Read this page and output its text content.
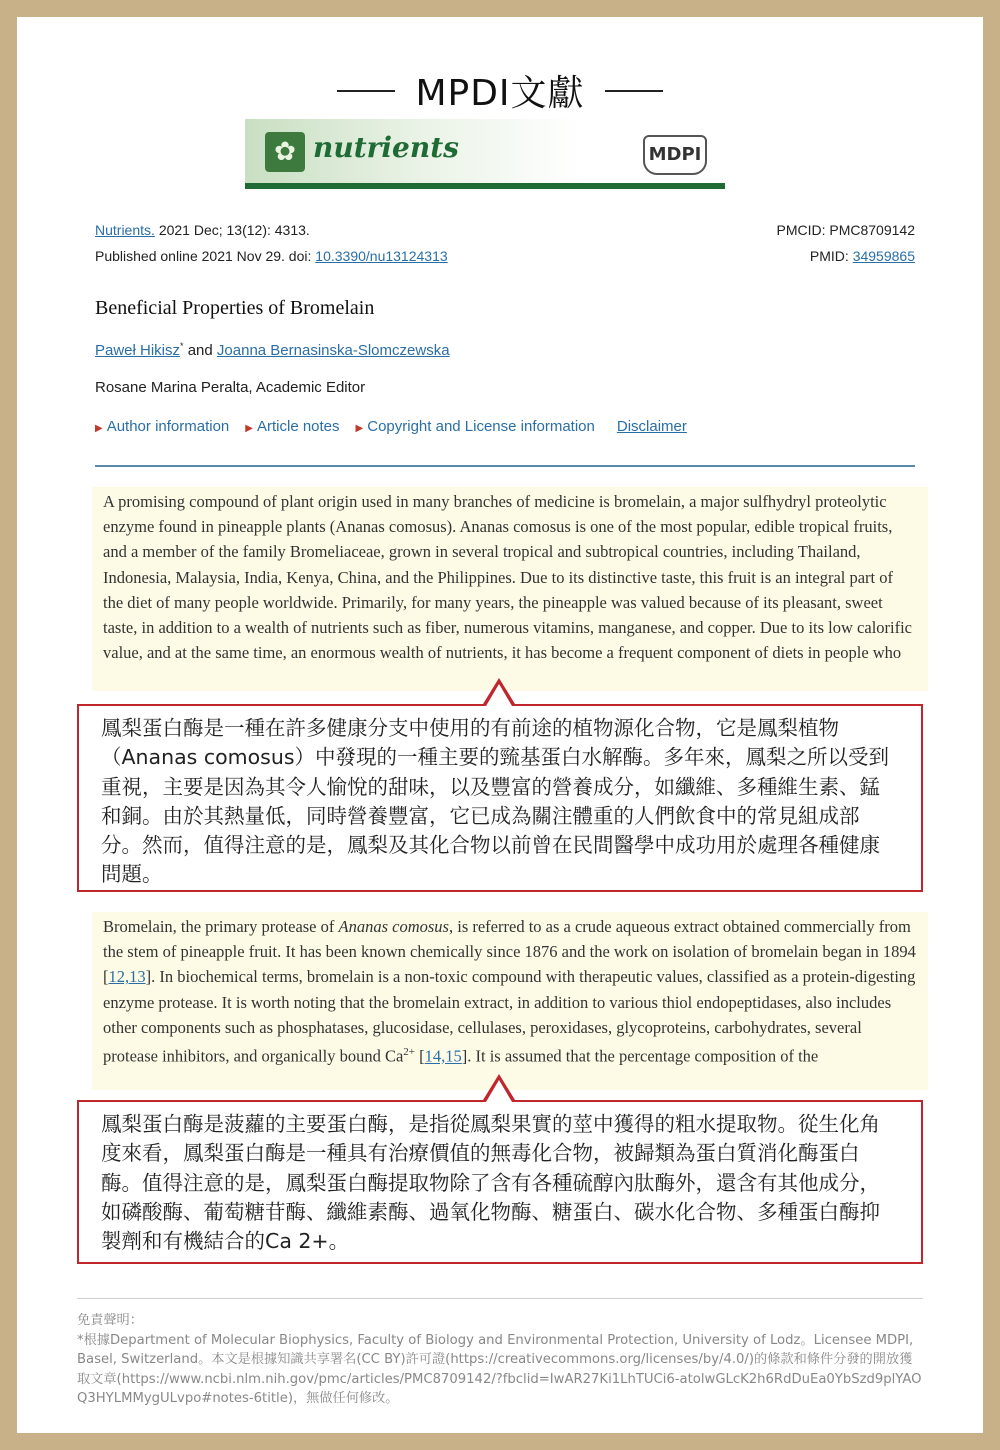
MPDI文獻
✿ nutrients	MDPI
Nutrients. 2021 Dec; 13(12): 4313.	PMCID: PMC8709142
Published online 2021 Nov 29. doi: 10.3390/nu13124313	PMID: 34959865
Beneficial Properties of Bromelain
Paweł Hikisz* and Joanna Bernasinska-Slomczewska
Rosane Marina Peralta, Academic Editor
▶ Author information ▶ Article notes ▶ Copyright and License information Disclaimer
A promising compound of plant origin used in many branches of medicine is bromelain, a major sulfhydryl proteolytic enzyme found in pineapple plants (Ananas comosus). Ananas comosus is one of the most popular, edible tropical fruits, and a member of the family Bromeliaceae, grown in several tropical and subtropical countries, including Thailand, Indonesia, Malaysia, India, Kenya, China, and the Philippines. Due to its distinctive taste, this fruit is an integral part of the diet of many people worldwide. Primarily, for many years, the pineapple was valued because of its pleasant, sweet taste, in addition to a wealth of nutrients such as fiber, numerous vitamins, manganese, and copper. Due to its low calorific value, and at the same time, an enormous wealth of nutrients, it has become a frequent component of diets in people who
鳳梨蛋白酶是一種在許多健康分支中使用的有前途的植物源化合物，它是鳳梨植物（Ananas comosus）中發現的一種主要的巰基蛋白水解酶。多年來，鳳梨之所以受到重視，主要是因為其令人愉悅的甜味，以及豐富的營養成分，如纖維、多種維生素、錳和銅。由於其熱量低，同時營養豐富，它已成為關注體重的人們飲食中的常見組成部分。然而，值得注意的是，鳳梨及其化合物以前曾在民間醫學中成功用於處理各種健康問題。
Bromelain, the primary protease of Ananas comosus, is referred to as a crude aqueous extract obtained commercially from the stem of pineapple fruit. It has been known chemically since 1876 and the work on isolation of bromelain began in 1894 [12,13]. In biochemical terms, bromelain is a non-toxic compound with therapeutic values, classified as a protein-digesting enzyme protease. It is worth noting that the bromelain extract, in addition to various thiol endopeptidases, also includes other components such as phosphatases, glucosidase, cellulases, peroxidases, glycoproteins, carbohydrates, several protease inhibitors, and organically bound $Ca^{2+}$ [14,15]. It is assumed that the percentage composition of the
鳳梨蛋白酶是菠蘿的主要蛋白酶，是指從鳳梨果實的莖中獲得的粗水提取物。從生化角度來看，鳳梨蛋白酶是一種具有治療價值的無毒化合物，被歸類為蛋白質消化酶蛋白酶。值得注意的是，鳳梨蛋白酶提取物除了含有各種硫醇內肽酶外，還含有其他成分，如磷酸酶、葡萄糖苷酶、纖維素酶、過氧化物酶、糖蛋白、碳水化合物、多種蛋白酶抑製劑和有機結合的Ca 2+。
免責聲明：
*根據Department of Molecular Biophysics, Faculty of Biology and Environmental Protection, University of Lodz。Licensee MDPI, Basel, Switzerland。本文是根據知識共享署名(CC BY)許可證(https://creativecommons.org/licenses/by/4.0/)的條款和條件分發的開放獲取文章(https://www.ncbi.nlm.nih.gov/pmc/articles/PMC8709142/?fbclid=IwAR27Ki1LhTUCi6-atolwGLcK2h6RdDuEa0YbSzd9plYAOQ3HYLMMygULvpo#notes-6title)，無做任何修改。
